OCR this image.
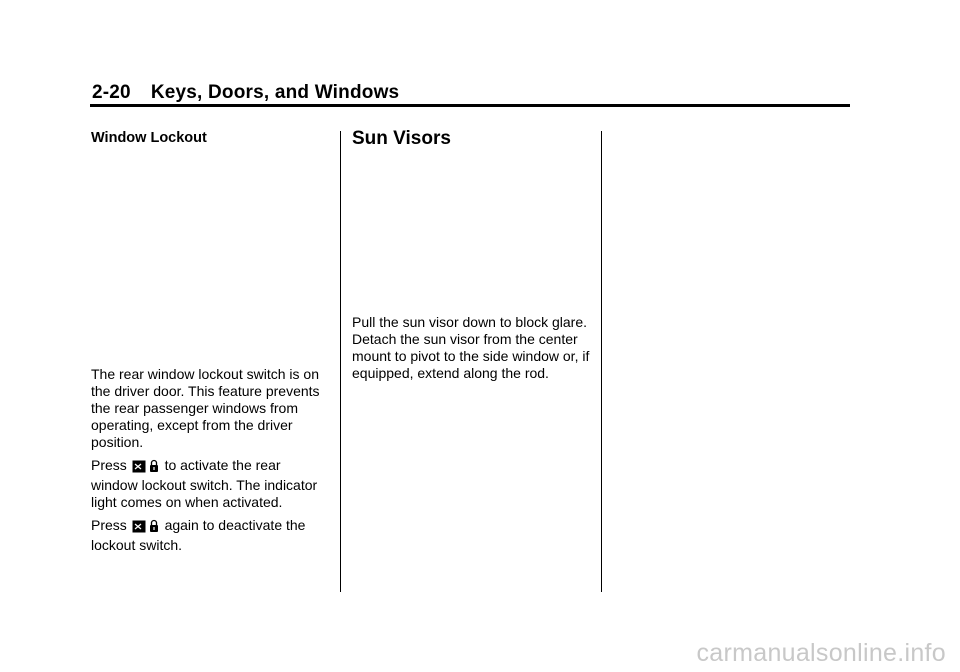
2-20 Keys, Doors, and Windows
Window Lockout

The rear window lockout switch is on the driver door. This feature prevents the rear passenger windows from operating, except from the driver position.

Press	to activate the rear window lockout switch. The indicator light comes on when activated.

Press	again to deactivate the lockout switch.

Sun Visors

Pull the sun visor down to block glare. Detach the sun visor from the center mount to pivot to the side window or, if equipped, extend along the rod.

carmanualsonline.info
